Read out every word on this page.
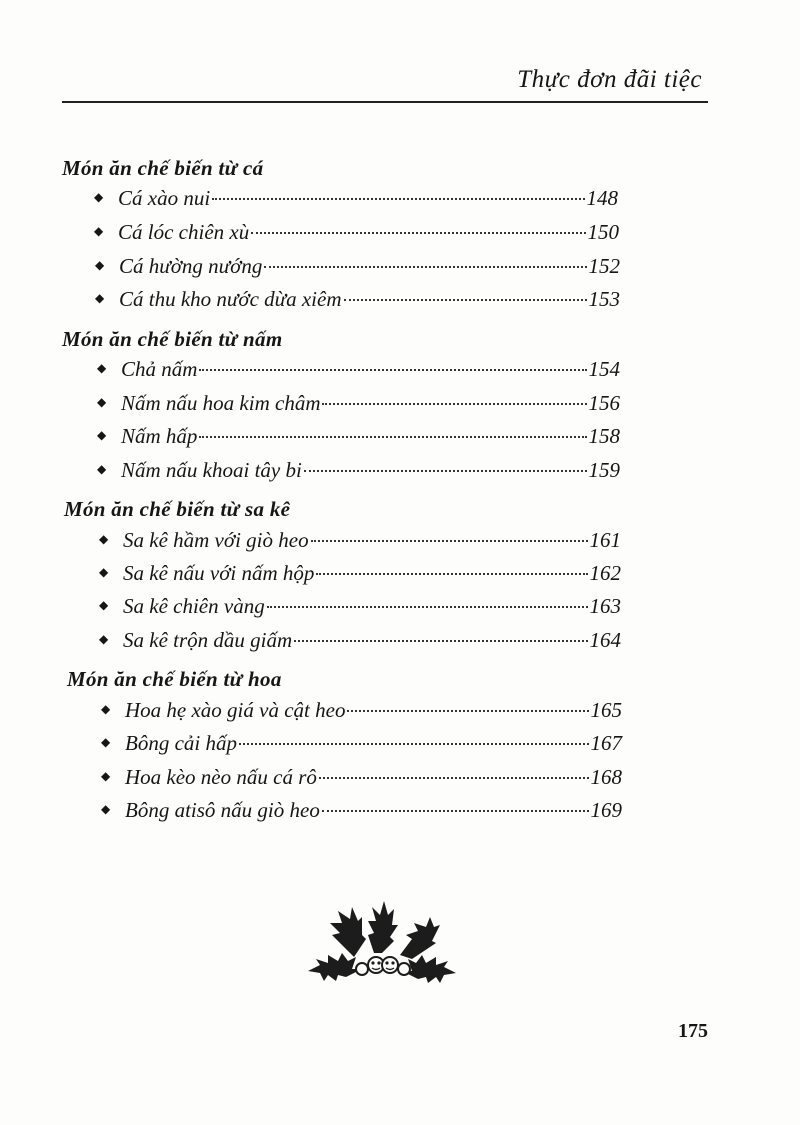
Thực đơn đãi tiệc
Món ăn chế biến từ cá
◆ Cá xào nui	148
◆ Cá lóc chiên xù	150
◆ Cá hường nướng	152
◆ Cá thu kho nước dừa xiêm	153
Món ăn chế biến từ nấm
◆ Chả nấm	154
◆ Nấm nấu hoa kim châm	156
◆ Nấm hấp	158
◆ Nấm nấu khoai tây bi	159
Món ăn chế biến từ sa kê
◆ Sa kê hầm với giò heo	161
◆ Sa kê nấu với nấm hộp	162
◆ Sa kê chiên vàng	163
◆ Sa kê trộn dầu giấm	164
Món ăn chế biến từ hoa
◆ Hoa hẹ xào giá và cật heo	165
◆ Bông cải hấp	167
◆ Hoa kèo nèo nấu cá rô	168
◆ Bông atisô nấu giò heo	169
175
